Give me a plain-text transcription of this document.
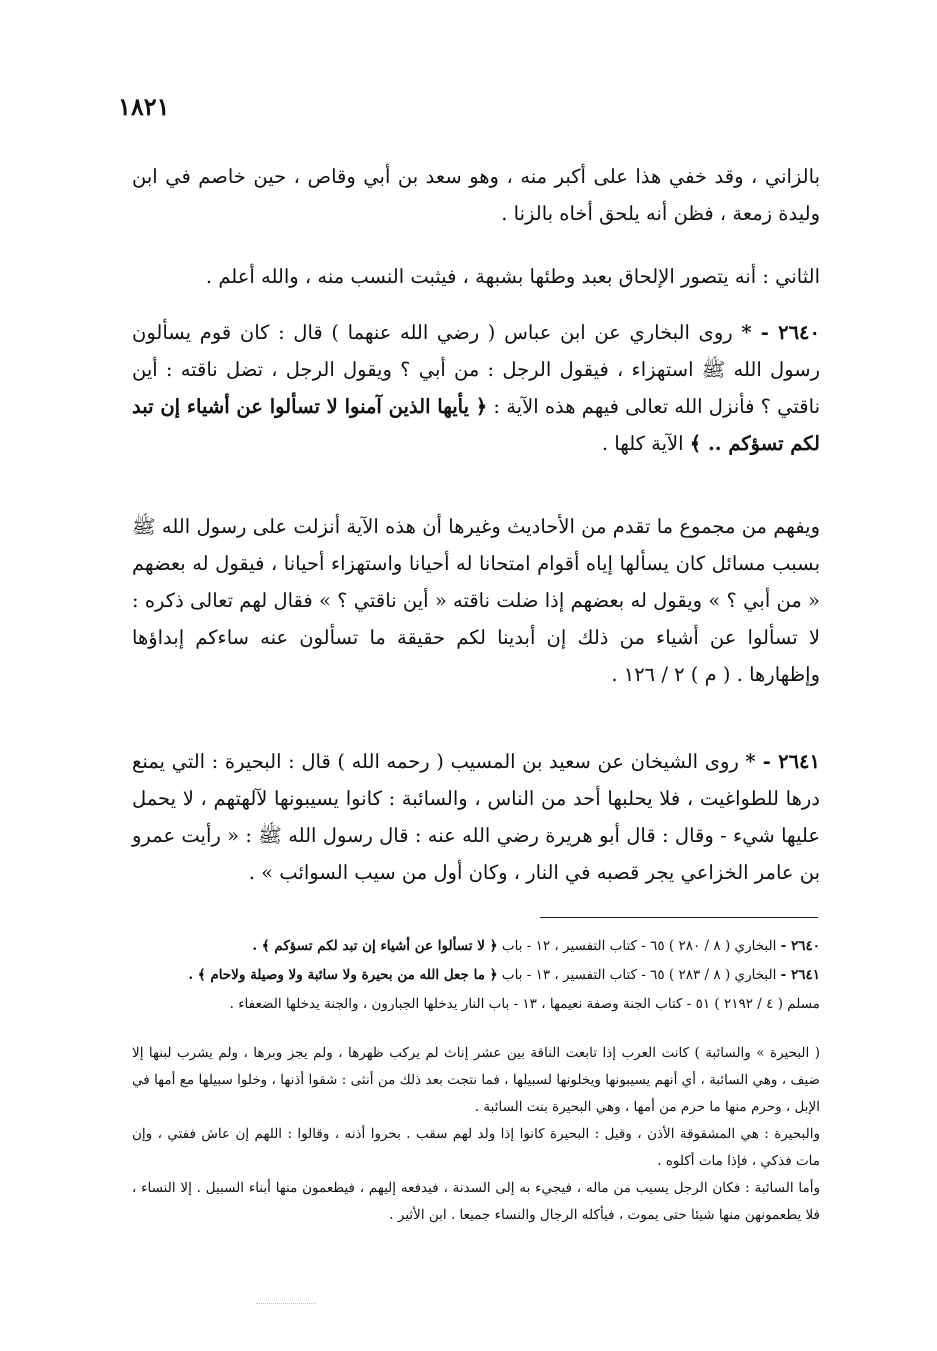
١٨٢١

بالزاني ، وقد خفي هذا على أكبر منه ، وهو سعد بن أبي وقاص ، حين خاصم في ابن وليدة زمعة ، فظن أنه يلحق أخاه بالزنا .

الثاني : أنه يتصور الإلحاق بعبد وطئها بشبهة ، فيثبت النسب منه ، والله أعلم .

٢٦٤٠ - * روى البخاري عن ابن عباس ( رضي الله عنهما ) قال : كان قوم يسألون رسول الله ﷺ استهزاء ، فيقول الرجل : من أبي ؟ ويقول الرجل ، تضل ناقته : أين ناقتي ؟ فأنزل الله تعالى فيهم هذه الآية : ﴿ يأيها الذين آمنوا لا تسألوا عن أشياء إن تبد لكم تسؤكم .. ﴾ الآية كلها .

ويفهم من مجموع ما تقدم من الأحاديث وغيرها أن هذه الآية أنزلت على رسول الله ﷺ بسبب مسائل كان يسألها إياه أقوام امتحانا له أحيانا واستهزاء أحيانا ، فيقول له بعضهم « من أبي ؟ » ويقول له بعضهم إذا ضلت ناقته « أين ناقتي ؟ » فقال لهم تعالى ذكره : لا تسألوا عن أشياء من ذلك إن أبدينا لكم حقيقة ما تسألون عنه ساءكم إبداؤها وإظهارها . ( م ) ٢ / ١٢٦ .

٢٦٤١ - * روى الشيخان عن سعيد بن المسيب ( رحمه الله ) قال : البحيرة : التي يمنع درها للطواغيت ، فلا يحلبها أحد من الناس ، والسائبة : كانوا يسيبونها لآلهتهم ، لا يحمل عليها شيء - وقال : قال أبو هريرة رضي الله عنه : قال رسول الله ﷺ : « رأيت عمرو بن عامر الخزاعي يجر قصبه في النار ، وكان أول من سيب السوائب » .

٢٦٤٠ - البخاري ( ٨ / ٢٨٠ ) ٦٥ - كتاب التفسير ، ١٢ - باب ﴿ لا تسألوا عن أشياء إن تبد لكم تسؤكم ﴾ .

٢٦٤١ - البخاري ( ٨ / ٢٨٣ ) ٦٥ - كتاب التفسير ، ١٣ - باب ﴿ ما جعل الله من بحيرة ولا سائبة ولا وصيلة ولاحام ﴾ .

مسلم ( ٤ / ٢١٩٢ ) ٥١ - كتاب الجنة وصفة نعيمها ، ١٣ - باب النار يدخلها الجبارون ، والجنة يدخلها الضعفاء .

( البحيرة » والسائبة ) كانت العرب إذا تابعت الناقة بين عشر إناث لم يركب ظهرها ، ولم يجز وبرها ، ولم يشرب لبنها إلا ضيف ، وهي السائبة ، أي أنهم يسيبونها ويخلونها لسبيلها ، فما نتجت بعد ذلك من أنثى : شقوا أذنها ، وخلوا سبيلها مع أمها في الإبل ، وحرم منها ما حرم من أمها ، وهي البحيرة بنت السائبة .

والبحيرة : هي المشقوقة الأذن ، وقيل : البحيرة كانوا إذا ولد لهم سقب . بحروا أذنه ، وقالوا : اللهم إن عاش ففتي ، وإن مات فذكي ، فإذا مات أكلوه .

وأما السائبة : فكان الرجل يسيب من ماله ، فيجيء به إلى السدنة ، فيدفعه إليهم ، فيطعمون منها أبناء السبيل . إلا النساء ، فلا يطعمونهن منها شيئا حتى يموت ، فيأكله الرجال والنساء جميعا . ابن الأثير .
